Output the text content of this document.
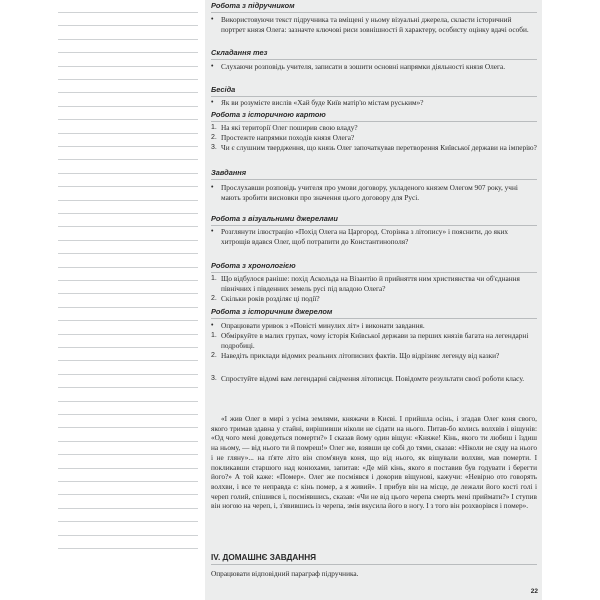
Робота з підручником
•	Використовуючи текст підручника та вміщені у ньому візуальні джерела, скласти історичний портрет князя Олега: зазначте ключові риси зовнішності й характеру, особисту оцінку вдачі особи.
Складання тез
•	Слухаючи розповідь учителя, записати в зошити основні напрямки діяльності князя Олега.
Бесіда
•	Як ви розумієте вислів «Хай буде Київ матір'ю містам руським»?
Робота з історичною картою
1. На які території Олег поширив свою владу?
2. Простежте напрямки походів князя Олега?
3. Чи є слушним твердження, що князь Олег започаткував перетворення Київської держави на імперію?
Завдання
•	Прослухавши розповідь учителя про умови договору, укладеного князем Олегом 907 року, учні мають зробити висновки про значення цього договору для Русі.
Робота з візуальними джерелами
•	Розглянути ілюстрацію «Похід Олега на Царгород. Сторінка з літопису» і пояснити, до яких хитрощів вдався Олег, щоб потрапити до Константинополя?
Робота з хронологією
1. Що відбулося раніше: похід Аскольда на Візантію й прийняття ним християнства чи об'єднання північних і південних земель русі під владою Олега?
2. Скільки років розділяє ці події?
Робота з історичним джерелом
•	Опрацювати уривок з «Повісті минулих літ» і виконати завдання.
1. Обміркуйте в малих групах, чому історія Київської держави за перших князів багата на легендарні подробиці.
2. Наведіть приклади відомих реальних літописних фактів. Що відрізняє легенду від казки?
3. Спростуйте відомі вам легендарні свідчення літописця. Повідомте результати своєї роботи класу.

«І жив Олег в мирі з усіма землями, княжачи в Києві. І прийшла осінь, і згадав Олег коня свого, якого тримав здавна у стайні, вирішивши ніколи не сідати на нього. Питав-бо колись волхвів і віщунів: «Од чого мені доведеться померти?» І сказав йому один віщун: «Княже! Кінь, якого ти любиш і їздиш на ньому, — від нього ти й помреш!» Олег же, взявши це собі до тями, сказав: «Ніколи не сяду на нього і не гляну»... на п'яте літо він спом'янув коня, що від нього, як віщували волхви, мав померти. І покликавши старшого над конюхами, запитав: «Де мій кінь, якого я поставив був годувати і берегти його?» А той каже: «Помер». Олег же посміявся і докорив віщунові, кажучи: «Невірно ото говорять волхви, і все те неправда є: кінь помер, а я живий». І прибув він на місце, де лежали його кості голі і череп голий, спішився і, посміявшись, сказав: «Чи не від цього черепа смерть мені приймати?» І ступив він ногою на череп, і, з'явившись із черепа, змія вкусила його в ногу. І з того він розхворівся і помер».

IV. ДОМАШНЄ ЗАВДАННЯ
Опрацювати відповідний параграф підручника.
22
